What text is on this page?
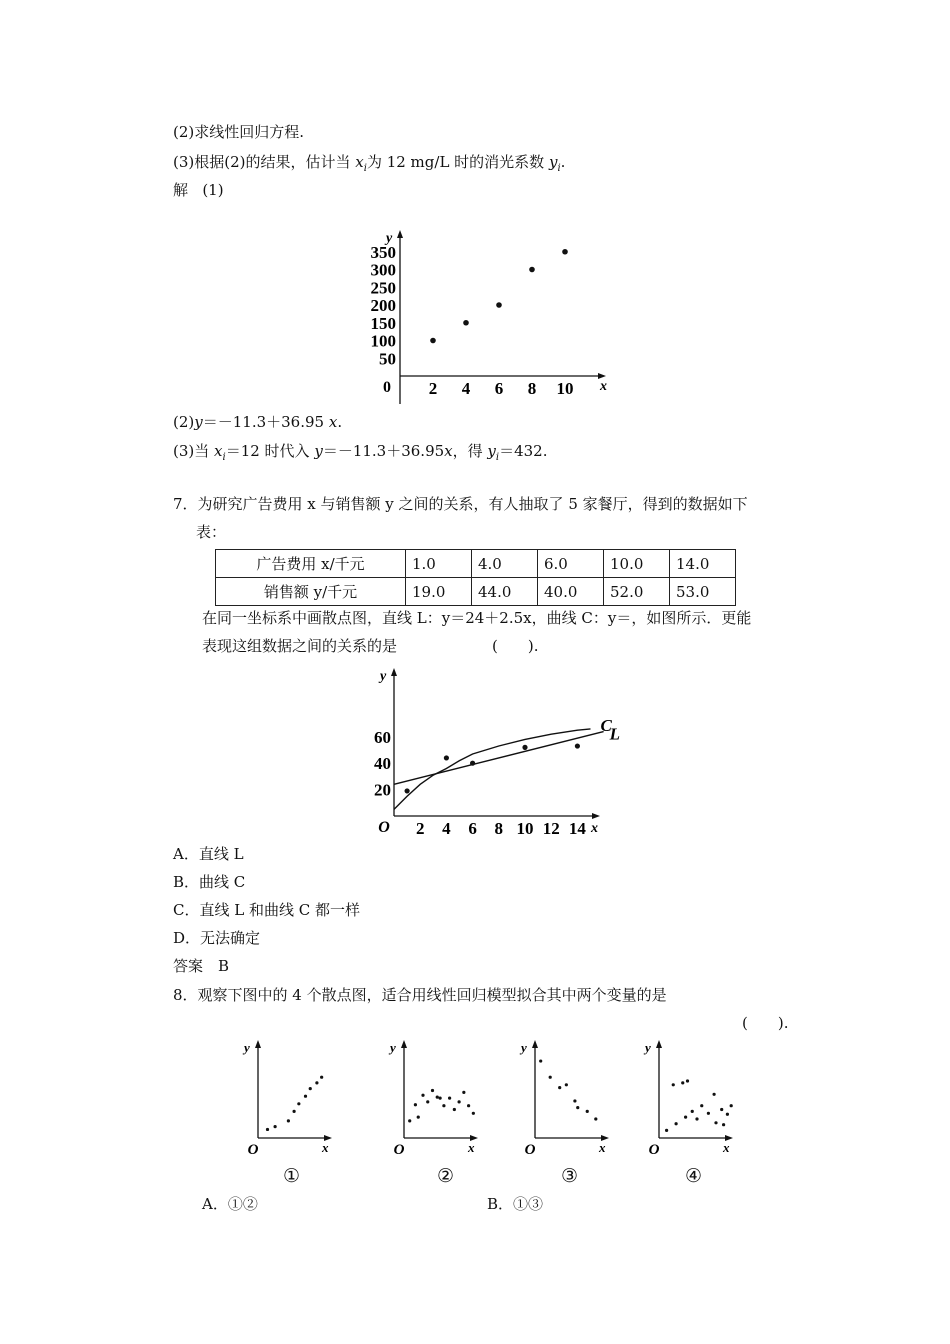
(2)求线性回归方程.
(3)根据(2)的结果，估计当 $x_i$为 12 mg/L 时的消光系数 $y_i$.
解 (1)
y
x
0
50
100
150
200
250
300
350
2 4 6 8 10
(2)y＝－11.3＋36.95 x.
(3)当 $x_i=12$ 时代入 y＝－11.3＋36.95x，得 $y_i=432$.
7．为研究广告费用 x 与销售额 y 之间的关系，有人抽取了 5 家餐厅，得到的数据如下
表：
广告费用 x/千元	1.0	4.0	6.0	10.0	14.0
销售额 y/千元	19.0	44.0	40.0	52.0	53.0
在同一坐标系中画散点图，直线 L：y＝24＋2.5x，曲线 C：y＝，如图所示．更能
表现这组数据之间的关系的是	(　　).
y
x
O
20
40
60
2 4 6 8 10 12 14
L
C
A．直线 L
B．曲线 C
C．直线 L 和曲线 C 都一样
D．无法确定
答案　B
8．观察下图中的 4 个散点图，适合用线性回归模型拟合其中两个变量的是
(　　).
y
x
O
y
x
O
y
x
O
y
x
O
①	②	③	④
A．①②	B．①③
